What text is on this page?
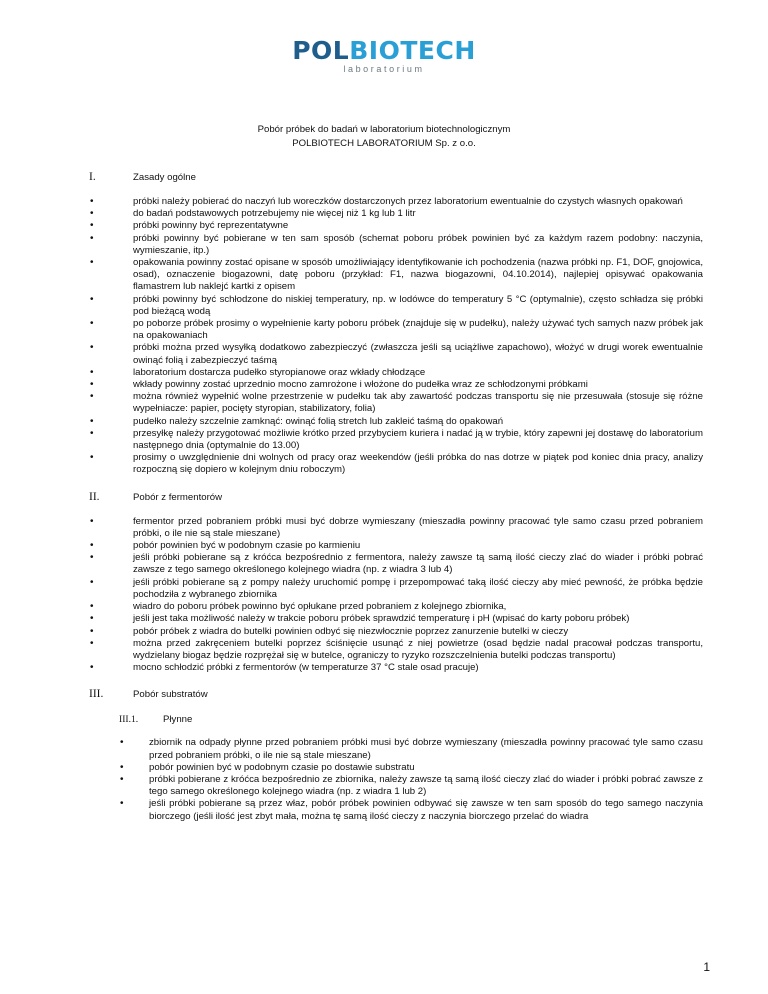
POLBIOTECH
laboratorium
Pobór próbek do badań w laboratorium biotechnologicznym
POLBIOTECH LABORATORIUM Sp. z o.o.
I.	Zasady ogólne
• próbki należy pobierać do naczyń lub woreczków dostarczonych przez laboratorium ewentualnie do czystych własnych opakowań
• do badań podstawowych potrzebujemy nie więcej niż 1 kg lub 1 litr
• próbki powinny być reprezentatywne
• próbki powinny być pobierane w ten sam sposób (schemat poboru próbek powinien być za każdym razem podobny: naczynia, wymieszanie, itp.)
• opakowania powinny zostać opisane w sposób umożliwiający identyfikowanie ich pochodzenia (nazwa próbki np. F1, DOF, gnojowica, osad), oznaczenie biogazowni, datę poboru (przykład: F1, nazwa biogazowni, 04.10.2014), najlepiej opisywać opakowania flamastrem lub naklejć kartki z opisem
• próbki powinny być schłodzone do niskiej temperatury, np. w lodówce do temperatury 5 °C (optymalnie), często schładza się próbki pod bieżącą wodą
• po poborze próbek prosimy o wypełnienie karty poboru próbek (znajduje się w pudełku), należy używać tych samych nazw próbek jak na opakowaniach
• próbki można przed wysyłką dodatkowo zabezpieczyć (zwłaszcza jeśli są uciążliwe zapachowo), włożyć w drugi worek ewentualnie owinąć folią i zabezpieczyć taśmą
• laboratorium dostarcza pudełko styropianowe oraz wkłady chłodzące
• wkłady powinny zostać uprzednio mocno zamrożone i włożone do pudełka wraz ze schłodzonymi próbkami
• można również wypełnić wolne przestrzenie w pudełku tak aby zawartość podczas transportu się nie przesuwała (stosuje się różne wypełniacze: papier, pocięty styropian, stabilizatory, folia)
• pudełko należy szczelnie zamknąć: owinąć folią stretch lub zakleić taśmą do opakowań
• przesyłkę należy przygotować możliwie krótko przed przybyciem kuriera i nadać ją w trybie, który zapewni jej dostawę do laboratorium następnego dnia (optymalnie do 13.00)
• prosimy o uwzględnienie dni wolnych od pracy oraz weekendów (jeśli próbka do nas dotrze w piątek pod koniec dnia pracy, analizy rozpoczną się dopiero w kolejnym dniu roboczym)
II.	Pobór z fermentorów
• fermentor przed pobraniem próbki musi być dobrze wymieszany (mieszadła powinny pracować tyle samo czasu przed pobraniem próbki, o ile nie są stale mieszane)
• pobór powinien być w podobnym czasie po karmieniu
• jeśli próbki pobierane są z króćca bezpośrednio z fermentora, należy zawsze tą samą ilość cieczy zlać do wiader i próbki pobrać zawsze z tego samego określonego kolejnego wiadra (np. z wiadra 3 lub 4)
• jeśli próbki pobierane są z pompy należy uruchomić pompę i przepompować taką ilość cieczy aby mieć pewność, że próbka będzie pochodziła z wybranego zbiornika
• wiadro do poboru próbek powinno być opłukane przed pobraniem z kolejnego zbiornika,
• jeśli jest taka możliwość należy w trakcie poboru próbek sprawdzić temperaturę i pH (wpisać do karty poboru próbek)
• pobór próbek z wiadra do butelki powinien odbyć się niezwłocznie poprzez zanurzenie butelki w cieczy
• można przed zakręceniem butelki poprzez ściśnięcie usunąć z niej powietrze (osad będzie nadal pracował podczas transportu, wydzielany biogaz będzie rozprężał się w butelce, ograniczy to ryzyko rozszczelnienia butelki podczas transportu)
• mocno schłodzić próbki z fermentorów (w temperaturze 37 °C stale osad pracuje)
III.	Pobór substratów
III.1.	Płynne
• zbiornik na odpady płynne przed pobraniem próbki musi być dobrze wymieszany (mieszadła powinny pracować tyle samo czasu przed pobraniem próbki, o ile nie są stale mieszane)
• pobór powinien być w podobnym czasie po dostawie substratu
• próbki pobierane z króćca bezpośrednio ze zbiornika, należy zawsze tą samą ilość cieczy zlać do wiader i próbki pobrać zawsze z tego samego określonego kolejnego wiadra (np. z wiadra 1 lub 2)
• jeśli próbki pobierane są przez właz, pobór próbek powinien odbywać się zawsze w ten sam sposób do tego samego naczynia biorczego (jeśli ilość jest zbyt mała, można tę samą ilość cieczy z naczynia biorczego przelać do wiadra
1
